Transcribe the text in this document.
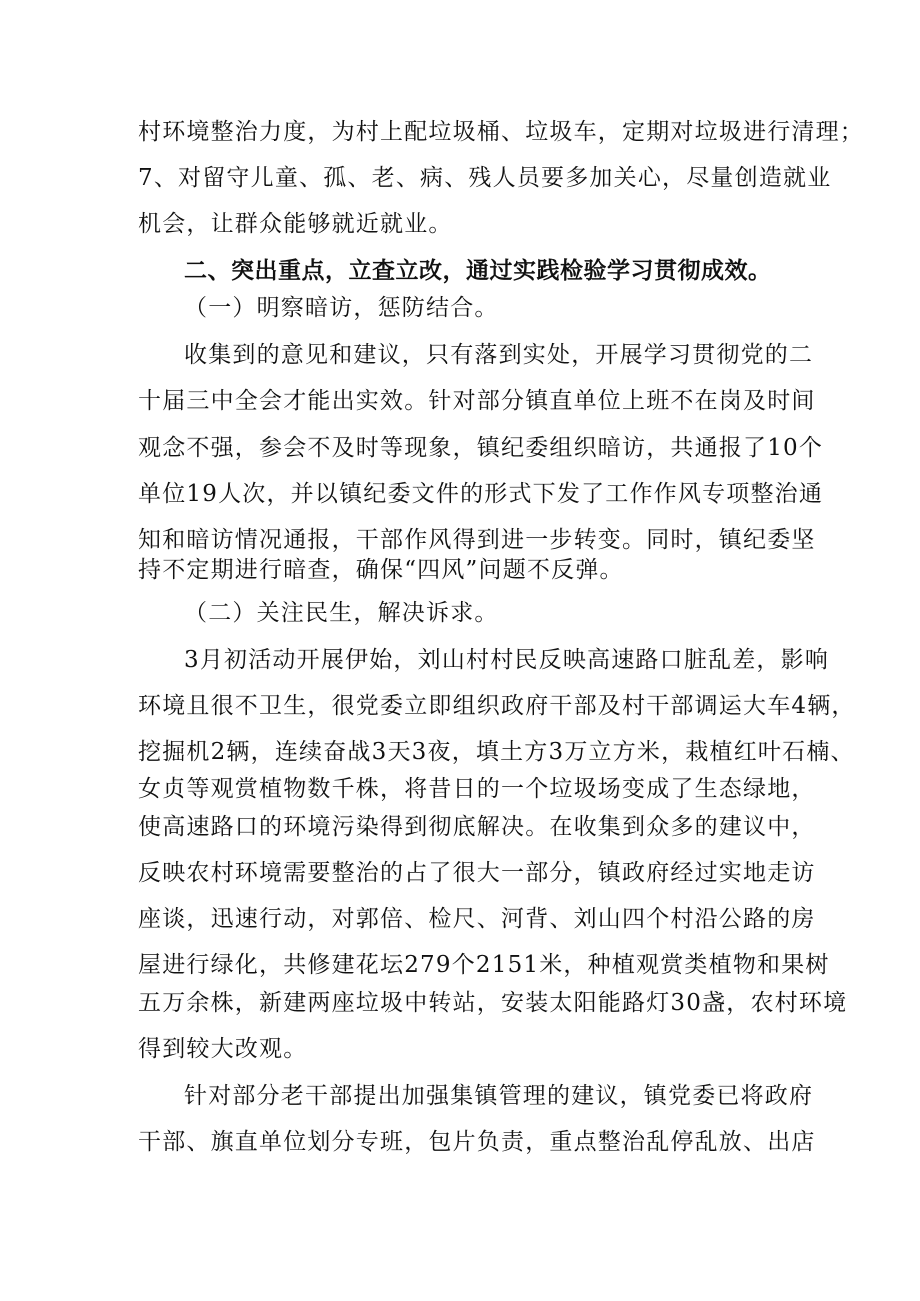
村环境整治力度，为村上配垃圾桶、垃圾车，定期对垃圾进行清理；
7、对留守儿童、孤、老、病、残人员要多加关心，尽量创造就业
机会，让群众能够就近就业。
二、突出重点，立查立改，通过实践检验学习贯彻成效。
（一）明察暗访，惩防结合。
收集到的意见和建议，只有落到实处，开展学习贯彻党的二
十届三中全会才能出实效。针对部分镇直单位上班不在岗及时间
观念不强，参会不及时等现象，镇纪委组织暗访，共通报了10个
单位19人次，并以镇纪委文件的形式下发了工作作风专项整治通
知和暗访情况通报，干部作风得到进一步转变。同时，镇纪委坚
持不定期进行暗查，确保“四风”问题不反弹。
（二）关注民生，解决诉求。
3月初活动开展伊始，刘山村村民反映高速路口脏乱差，影响
环境且很不卫生，很党委立即组织政府干部及村干部调运大车4辆，
挖掘机2辆，连续奋战3天3夜，填土方3万立方米，栽植红叶石楠、
女贞等观赏植物数千株，将昔日的一个垃圾场变成了生态绿地，
使高速路口的环境污染得到彻底解决。在收集到众多的建议中，
反映农村环境需要整治的占了很大一部分，镇政府经过实地走访
座谈，迅速行动，对郭倍、检尺、河背、刘山四个村沿公路的房
屋进行绿化，共修建花坛279个2151米，种植观赏类植物和果树
五万余株，新建两座垃圾中转站，安装太阳能路灯30盏，农村环境
得到较大改观。
针对部分老干部提出加强集镇管理的建议，镇党委已将政府
干部、旗直单位划分专班，包片负责，重点整治乱停乱放、出店
